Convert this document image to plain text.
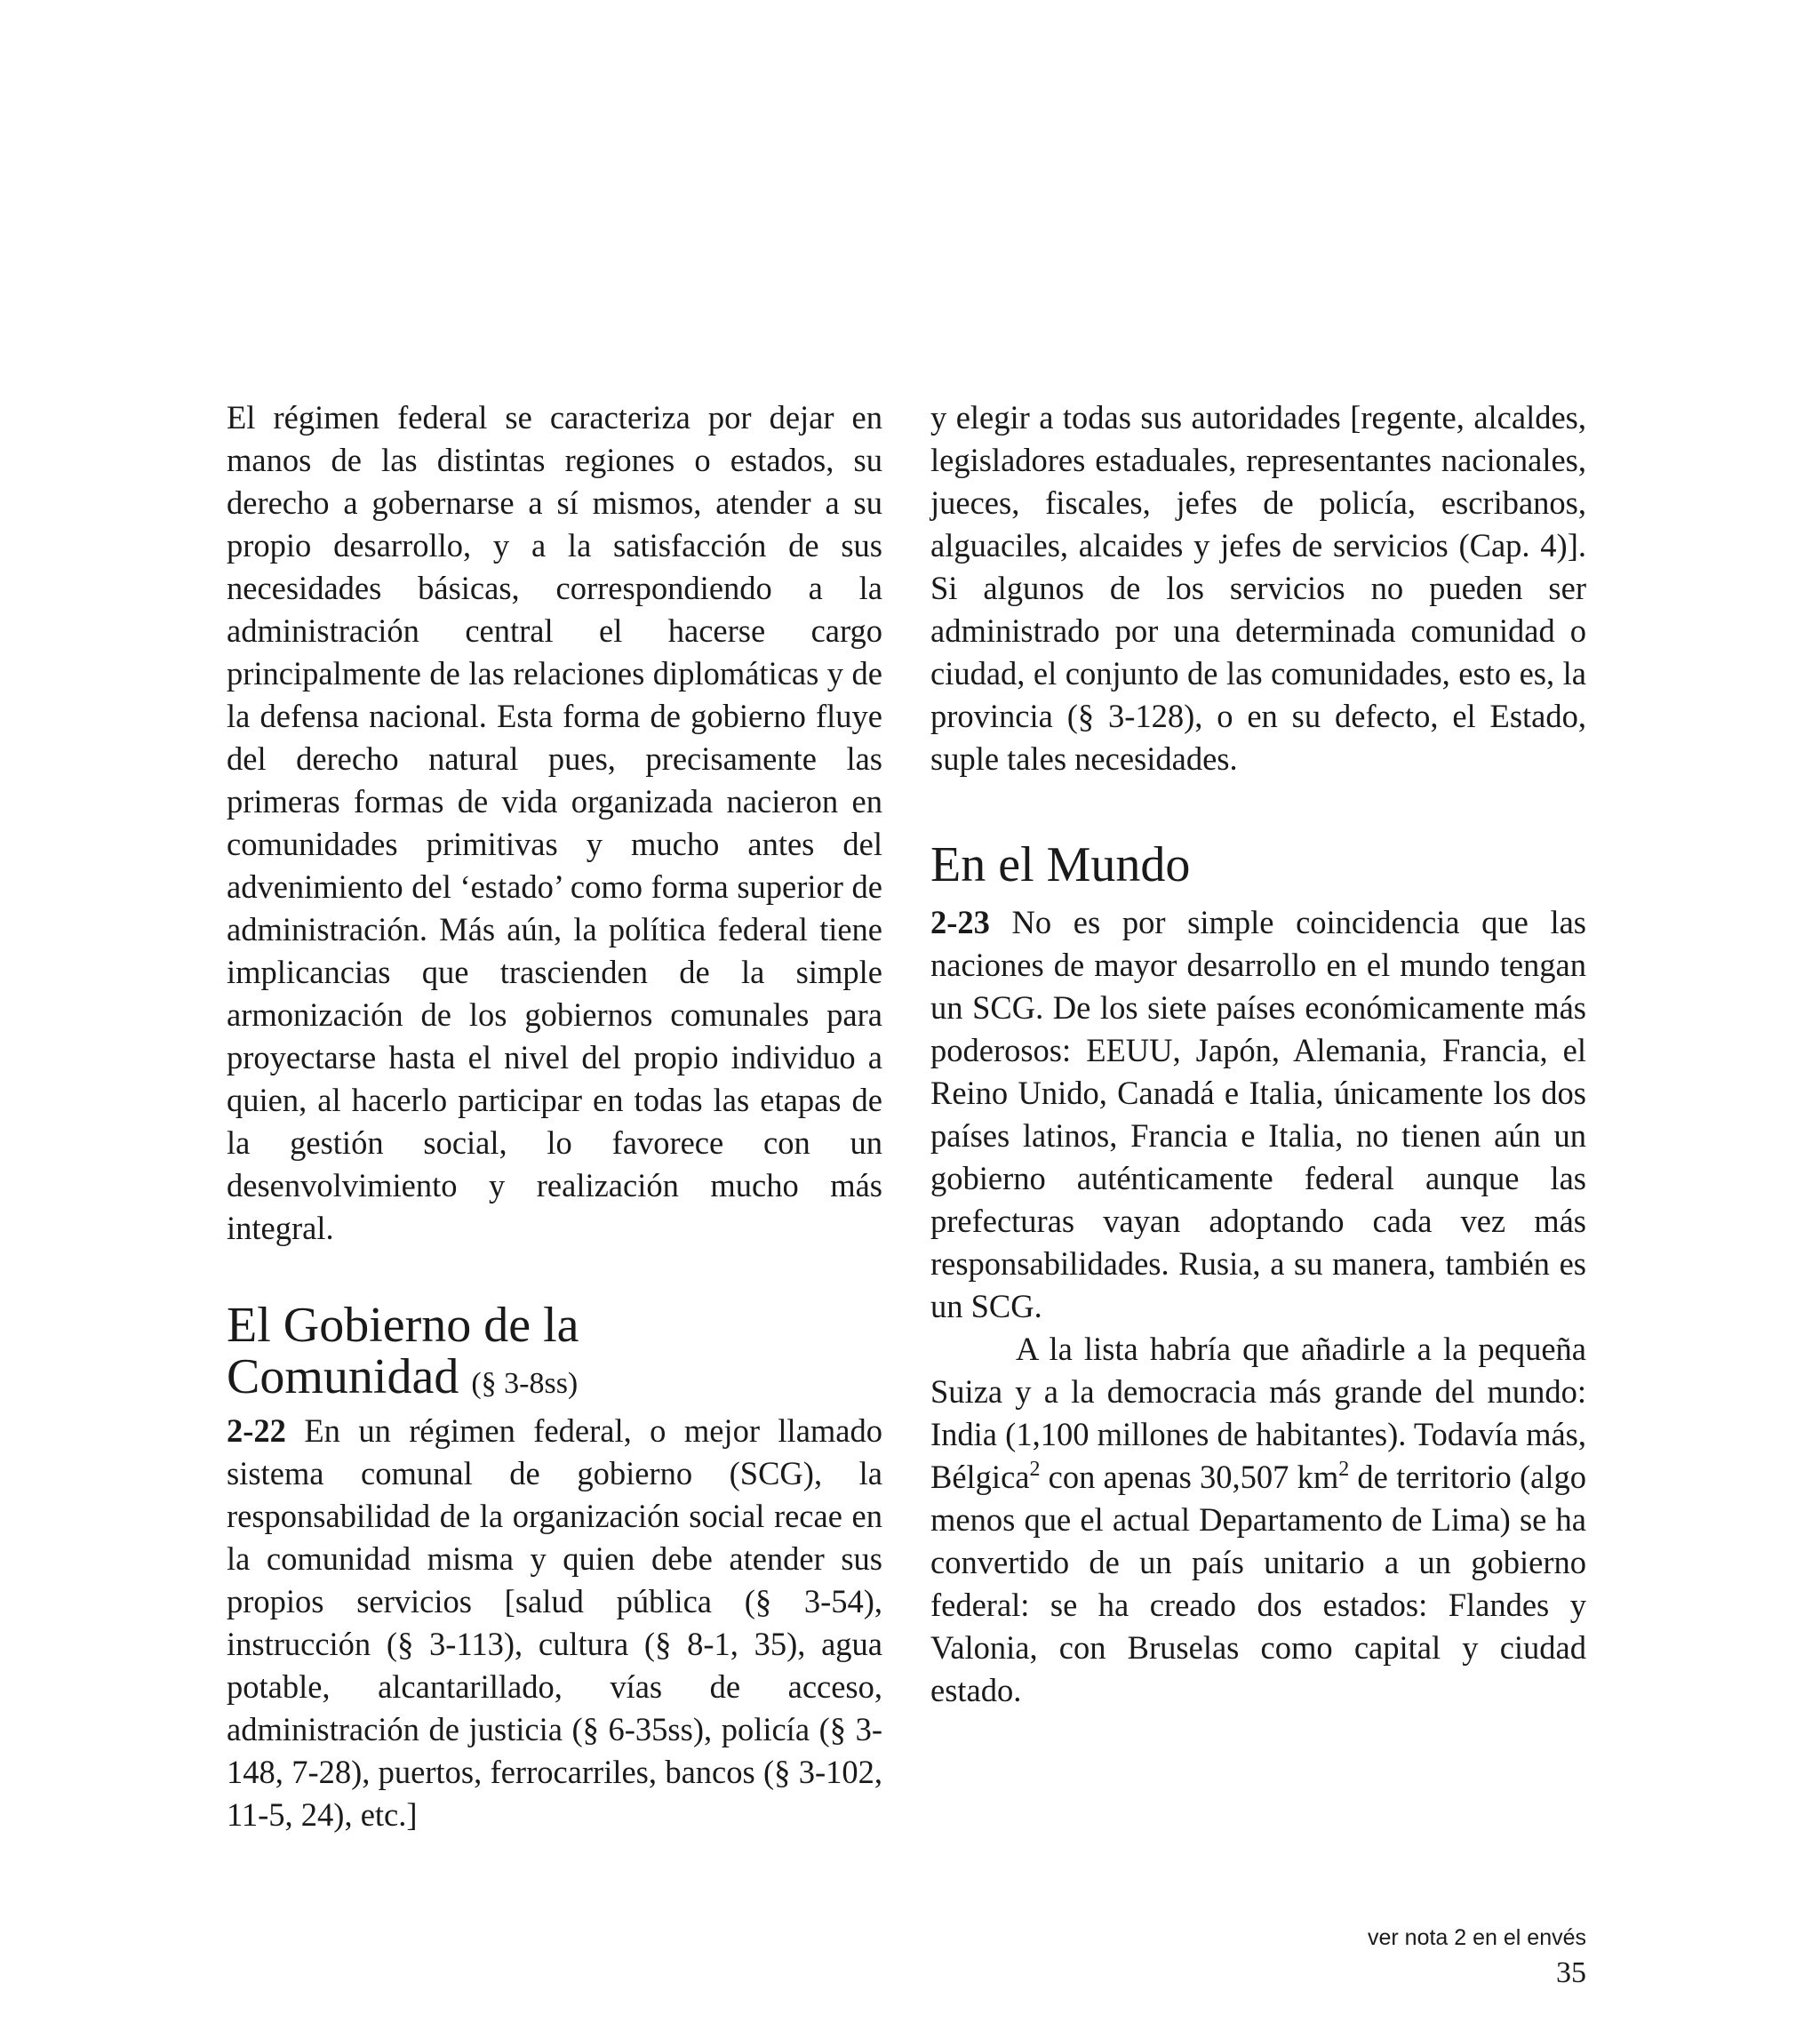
El régimen federal se caracteriza por dejar en manos de las distintas regiones o estados, su derecho a gobernarse a sí mismos, atender a su propio desarrollo, y a la satisfacción de sus necesidades básicas, correspondiendo a la administración central el hacerse cargo principalmente de las relaciones diplomáticas y de la defensa nacional. Esta forma de gobierno fluye del derecho natural pues, precisamente las primeras formas de vida organizada nacieron en comunidades primitivas y mucho antes del advenimiento del ‘estado’ como forma superior de administración. Más aún, la política federal tiene implicancias que trascienden de la simple armonización de los gobiernos comunales para proyectarse hasta el nivel del propio individuo a quien, al hacerlo participar en todas las etapas de la gestión social, lo favorece con un desenvolvimiento y realización mucho más integral.

El Gobierno de la
Comunidad (§ 3-8ss)

2-22 En un régimen federal, o mejor llamado sistema comunal de gobierno (SCG), la responsabilidad de la organización social recae en la comunidad misma y quien debe atender sus propios servicios [salud pública (§ 3-54), instrucción (§ 3-113), cultura (§ 8-1, 35), agua potable, alcantarillado, vías de acceso, administración de justicia (§ 6-35ss), policía (§ 3-148, 7-28), puertos, ferrocarriles, bancos (§ 3-102, 11-5, 24), etc.]

y elegir a todas sus autoridades [regente, alcaldes, legisladores estaduales, representantes nacionales, jueces, fiscales, jefes de policía, escribanos, alguaciles, alcaides y jefes de servicios (Cap. 4)]. Si algunos de los servicios no pueden ser administrado por una determinada comunidad o ciudad, el conjunto de las comunidades, esto es, la provincia (§ 3-128), o en su defecto, el Estado, suple tales necesidades.

En el Mundo

2-23 No es por simple coincidencia que las naciones de mayor desarrollo en el mundo tengan un SCG. De los siete países económicamente más poderosos: EEUU, Japón, Alemania, Francia, el Reino Unido, Canadá e Italia, únicamente los dos países latinos, Francia e Italia, no tienen aún un gobierno auténticamente federal aunque las prefecturas vayan adoptando cada vez más responsabilidades. Rusia, a su manera, también es un SCG.

A la lista habría que añadirle a la pequeña Suiza y a la democracia más grande del mundo: India (1,100 millones de habitantes). Todavía más, Bélgica$^2$ con apenas 30,507 $km^2$ de territorio (algo menos que el actual Departamento de Lima) se ha convertido de un país unitario a un gobierno federal: se ha creado dos estados: Flandes y Valonia, con Bruselas como capital y ciudad estado.

ver nota 2 en el envés
35
